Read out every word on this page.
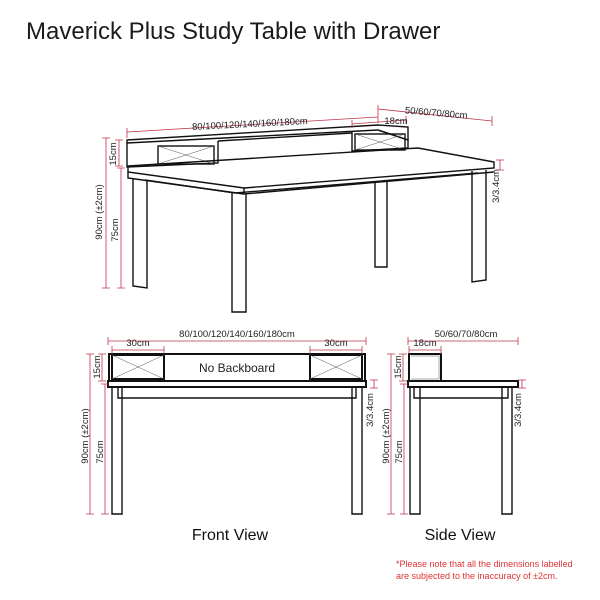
Maverick Plus Study Table with Drawer
80/100/120/140/160/180cm
50/60/70/80cm
18cm
15cm
90cm (±2cm) 75cm
3/3.4cm
80/100/120/140/160/180cm
30cm	30cm
No Backboard
15cm
90cm (±2cm) 75cm
3/3.4cm
Front View
50/60/70/80cm
18cm
15cm
90cm (±2cm) 75cm
3/3.4cm
Side View
*Please note that all the dimensions labelled
are subjected to the inaccuracy of ±2cm.
